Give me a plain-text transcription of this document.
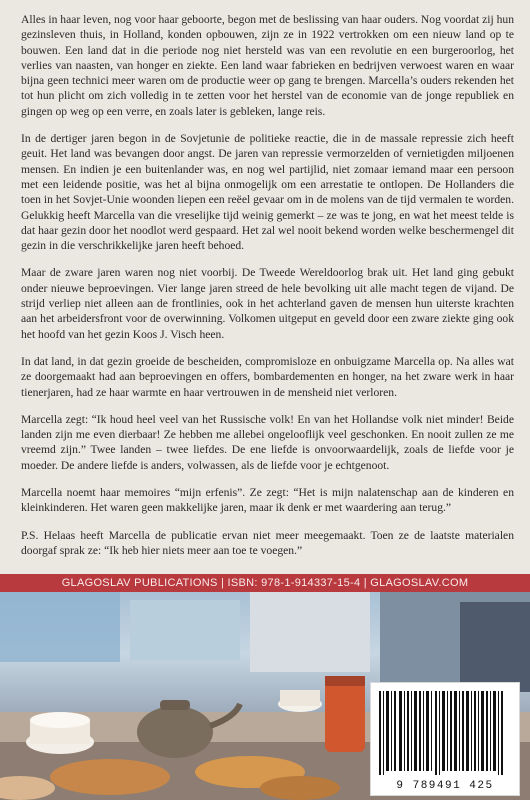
Alles in haar leven, nog voor haar geboorte, begon met de beslissing van haar ouders. Nog voordat zij hun gezinsleven thuis, in Holland, konden opbouwen, zijn ze in 1922 vertrokken om een nieuw land op te bouwen. Een land dat in die periode nog niet hersteld was van een revolutie en een burgeroorlog, het verlies van naasten, van honger en ziekte. Een land waar fabrieken en bedrijven verwoest waren en waar bijna geen technici meer waren om de productie weer op gang te brengen. Marcella’s ouders rekenden het tot hun plicht om zich volledig in te zetten voor het herstel van de economie van de jonge republiek en gingen op weg op een verre, en zoals later is gebleken, lange reis.

In de dertiger jaren begon in de Sovjetunie de politieke reactie, die in de massale repressie zich heeft geuit. Het land was bevangen door angst. De jaren van repressie vermorzelden of vernietigden miljoenen mensen. En indien je een buitenlander was, en nog wel partijlid, niet zomaar iemand maar een persoon met een leidende positie, was het al bijna onmogelijk om een arrestatie te ontlopen. De Hollanders die toen in het Sovjet-Unie woonden liepen een reëel gevaar om in de molens van de tijd vermalen te worden. Gelukkig heeft Marcella van die vreselijke tijd weinig gemerkt – ze was te jong, en wat het meest telde is dat haar gezin door het noodlot werd gespaard. Het zal wel nooit bekend worden welke beschermengel dit gezin in die verschrikkelijke jaren heeft behoed.

Maar de zware jaren waren nog niet voorbij. De Tweede Wereldoorlog brak uit. Het land ging gebukt onder nieuwe beproevingen. Vier lange jaren streed de hele bevolking uit alle macht tegen de vijand. De strijd verliep niet alleen aan de frontlinies, ook in het achterland gaven de mensen hun uiterste krachten aan het arbeidersfront voor de overwinning. Volkomen uitgeput en geveld door een zware ziekte ging ook het hoofd van het gezin Koos J. Visch heen.

In dat land, in dat gezin groeide de bescheiden, compromisloze en onbuigzame Marcella op. Na alles wat ze doorgemaakt had aan beproevingen en offers, bombardementen en honger, na het zware werk in haar tienerjaren, had ze haar warmte en haar vertrouwen in de mensheid niet verloren.

Marcella zegt: “Ik houd heel veel van het Russische volk! En van het Hollandse volk niet minder! Beide landen zijn me even dierbaar! Ze hebben me allebei ongelooflijk veel geschonken. En nooit zullen ze me vreemd zijn.” Twee landen – twee liefdes. De ene liefde is onvoorwaardelijk, zoals de liefde voor je moeder. De andere liefde is anders, volwassen, als de liefde voor je echtgenoot.

Marcella noemt haar memoires “mijn erfenis”. Ze zegt: “Het is mijn nalatenschap aan de kinderen en kleinkinderen. Het waren geen makkelijke jaren, maar ik denk er met waardering aan terug.”

P.S. Helaas heeft Marcella de publicatie ervan niet meer meegemaakt. Toen ze de laatste materialen doorgaf sprak ze: “Ik heb hier niets meer aan toe te voegen.”

GLAGOSLAV PUBLICATIONS | ISBN: 978-1-914337-15-4 | GLAGOSLAV.COM
9 789491 425
